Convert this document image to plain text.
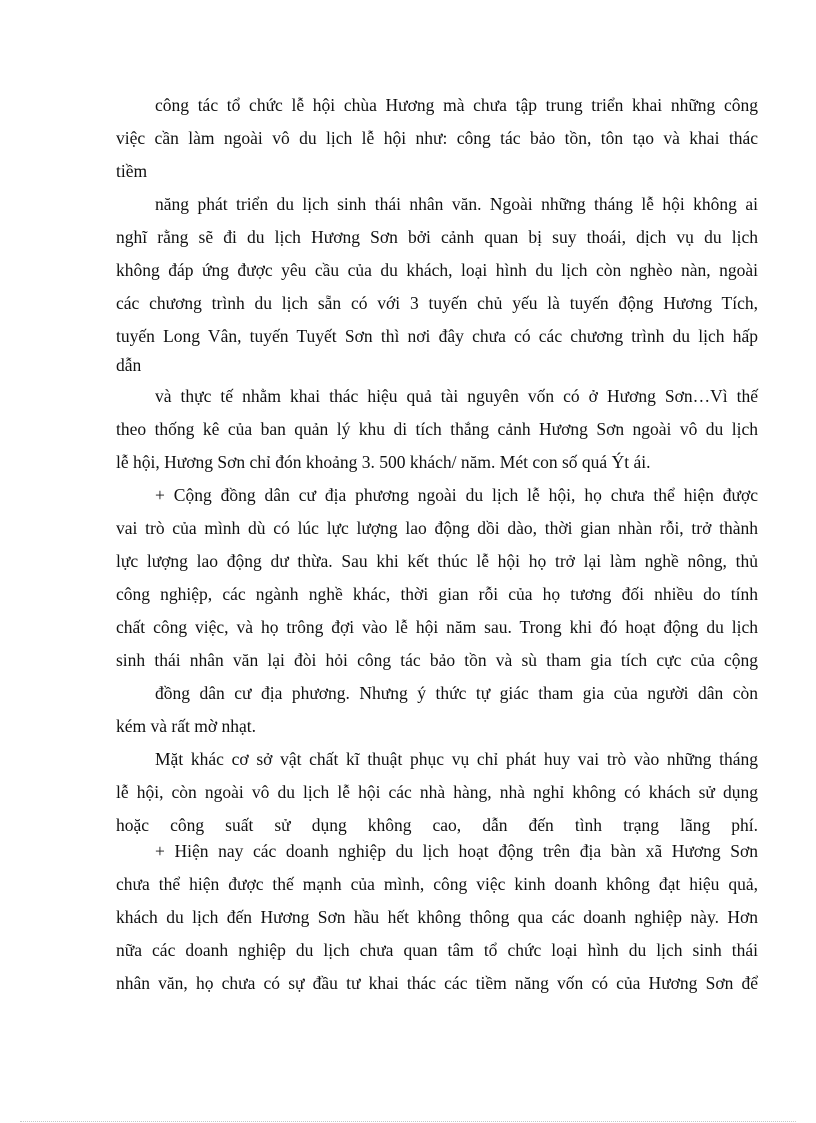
công tác tổ chức lễ hội chùa Hương mà chưa tập trung triển khai những công
việc cần làm ngoài vô du lịch lễ hội như: công tác bảo tồn, tôn tạo và khai thác
tiềm
năng phát triển du lịch sinh thái nhân văn. Ngoài những tháng lễ hội không ai
nghĩ rằng sẽ đi du lịch Hương Sơn bởi cảnh quan bị suy thoái, dịch vụ du lịch
không đáp ứng được yêu cầu của du khách, loại hình du lịch còn nghèo nàn, ngoài
các chương trình du lịch sẵn có với 3 tuyến chủ yếu là tuyến động Hương Tích,
tuyến Long Vân, tuyến Tuyết Sơn thì nơi đây chưa có các chương trình du lịch hấp
dẫn
và thực tế nhằm khai thác hiệu quả tài nguyên vốn có ở Hương Sơn…Vì thế
theo thống kê của ban quản lý khu di tích thắng cảnh Hương Sơn ngoài vô du lịch
lễ hội, Hương Sơn chỉ đón khoảng 3. 500 khách/ năm. Mét con số quá Ýt ái.
+ Cộng đồng dân cư địa phương ngoài du lịch lễ hội, họ chưa thể hiện được
vai trò của mình dù có lúc lực lượng lao động dồi dào, thời gian nhàn rỗi, trở thành
lực lượng lao động dư thừa. Sau khi kết thúc lễ hội họ trở lại làm nghề nông, thủ
công nghiệp, các ngành nghề khác, thời gian rỗi của họ tương đối nhiều do tính
chất công việc, và họ trông đợi vào lễ hội năm sau. Trong khi đó hoạt động du lịch
sinh thái nhân văn lại đòi hỏi công tác bảo tồn và sù tham gia tích cực của cộng
đồng dân cư địa phương. Nhưng ý thức tự giác tham gia của người dân còn
kém và rất mờ nhạt.
Mặt khác cơ sở vật chất kĩ thuật phục vụ chỉ phát huy vai trò vào những tháng
lễ hội, còn ngoài vô du lịch lễ hội các nhà hàng, nhà nghỉ không có khách sử dụng
hoặc công suất sử dụng không cao, dẫn đến tình trạng lãng phí.
+ Hiện nay các doanh nghiệp du lịch hoạt động trên địa bàn xã Hương Sơn
chưa thể hiện được thế mạnh của mình, công việc kinh doanh không đạt hiệu quả,
khách du lịch đến Hương Sơn hầu hết không thông qua các doanh nghiệp này. Hơn
nữa các doanh nghiệp du lịch chưa quan tâm tổ chức loại hình du lịch sinh thái
nhân văn, họ chưa có sự đầu tư khai thác các tiềm năng vốn có của Hương Sơn để
